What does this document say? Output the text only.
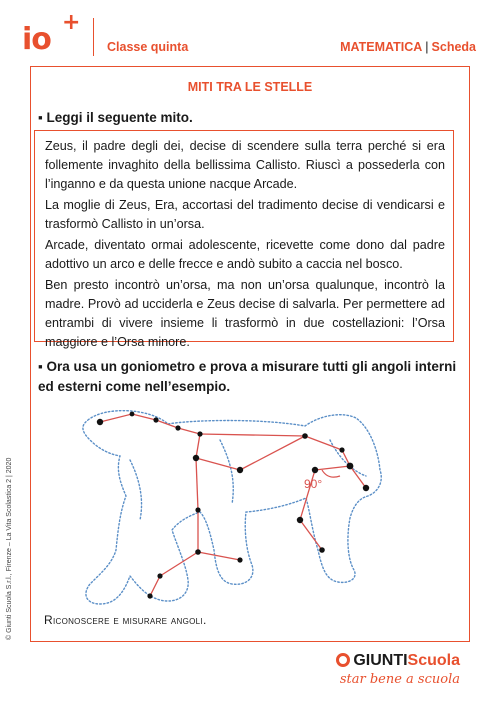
io +
Classe quinta	MATEMATICA | Scheda
MITI TRA LE STELLE
▪ Leggi il seguente mito.

Zeus, il padre degli dei, decise di scendere sulla terra perché si era follemente invaghito della bellissima Callisto. Riuscì a possederla con l’inganno e da questa unione nacque Arcade.

La moglie di Zeus, Era, accortasi del tradimento decise di vendicarsi e trasformò Callisto in un’orsa.

Arcade, diventato ormai adolescente, ricevette come dono dal padre adottivo un arco e delle frecce e andò subito a caccia nel bosco.

Ben presto incontrò un’orsa, ma non un’orsa qualunque, incontrò la madre. Provò ad ucciderla e Zeus decise di salvarla. Per permettere ad entrambi di vivere insieme li trasformò in due costellazioni: l’Orsa maggiore e l’Orsa minore.

▪ Ora usa un goniometro e prova a misurare tutti gli angoli interni ed esterni come nell’esempio.
90°
Riconoscere e misurare angoli.
© Giunti Scuola S.r.l., Firenze – La Vita Scolastica 2 | 2020
GIUNTIScuola
star bene a scuola
